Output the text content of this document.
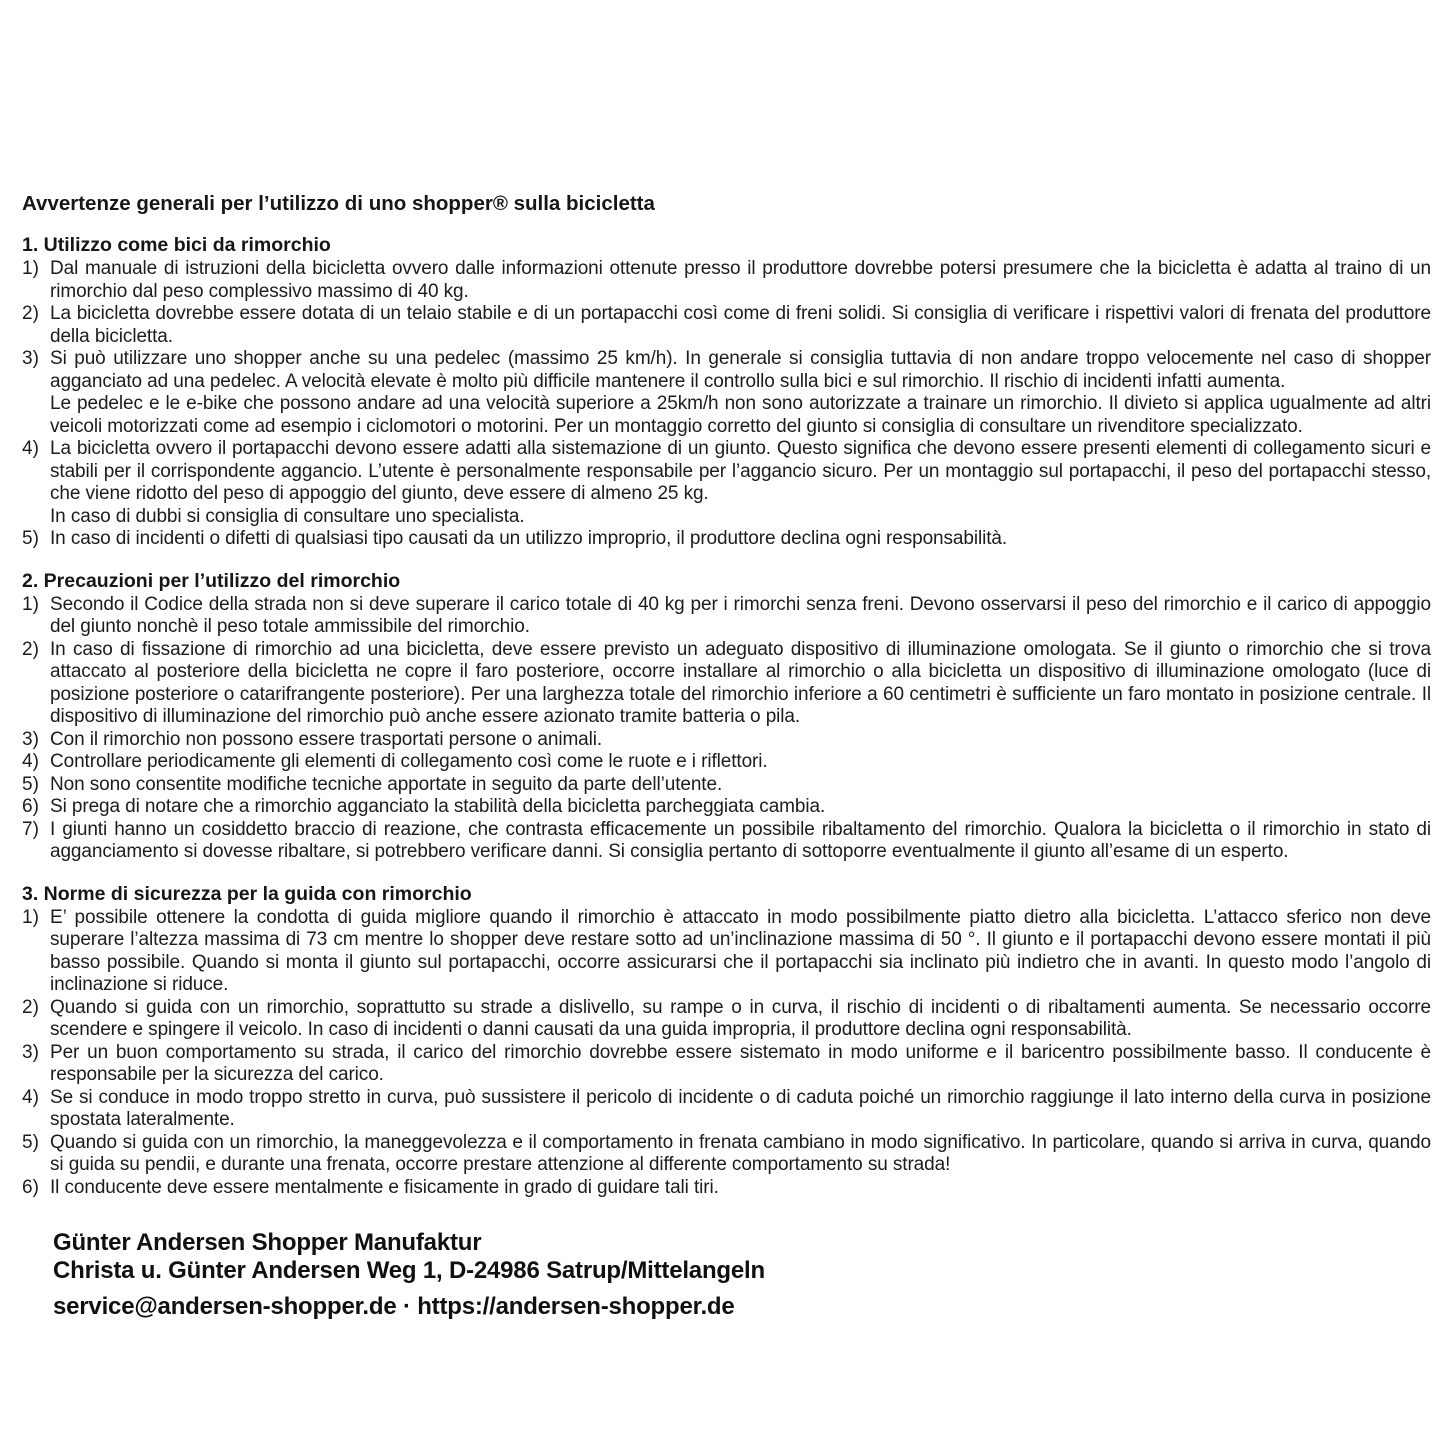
Avvertenze generali per l’utilizzo di uno shopper® sulla bicicletta
1. Utilizzo come bici da rimorchio
1) Dal manuale di istruzioni della bicicletta ovvero dalle informazioni ottenute presso il produttore dovrebbe potersi presumere che la bicicletta è adatta al traino di un rimorchio dal peso complessivo massimo di 40 kg.

2) La bicicletta dovrebbe essere dotata di un telaio stabile e di un portapacchi così come di freni solidi. Si consiglia di verificare i rispettivi valori di frenata del produttore della bicicletta.

3) Si può utilizzare uno shopper anche su una pedelec (massimo 25 km/h). In generale si consiglia tuttavia di non andare troppo velocemente nel caso di shopper agganciato ad una pedelec. A velocità elevate è molto più difficile mantenere il controllo sulla bici e sul rimorchio. Il rischio di incidenti infatti aumenta.

Le pedelec e le e-bike che possono andare ad una velocità superiore a 25km/h non sono autorizzate a trainare un rimorchio. Il divieto si applica ugualmente ad altri veicoli motorizzati come ad esempio i ciclomotori o motorini. Per un montaggio corretto del giunto si consiglia di consultare un rivenditore specializzato.

4) La bicicletta ovvero il portapacchi devono essere adatti alla sistemazione di un giunto. Questo significa che devono essere presenti elementi di collegamento sicuri e stabili per il corrispondente aggancio. L’utente è personalmente responsabile per l’aggancio sicuro. Per un montaggio sul portapacchi, il peso del portapacchi stesso, che viene ridotto del peso di appoggio del giunto, deve essere di almeno 25 kg.

In caso di dubbi si consiglia di consultare uno specialista.

5) In caso di incidenti o difetti di qualsiasi tipo causati da un utilizzo improprio, il produttore declina ogni responsabilità.

2. Precauzioni per l’utilizzo del rimorchio
1) Secondo il Codice della strada non si deve superare il carico totale di 40 kg per i rimorchi senza freni. Devono osservarsi il peso del rimorchio e il carico di appoggio del giunto nonchè il peso totale ammissibile del rimorchio.

2) In caso di fissazione di rimorchio ad una bicicletta, deve essere previsto un adeguato dispositivo di illuminazione omologata. Se il giunto o rimorchio che si trova attaccato al posteriore della bicicletta ne copre il faro posteriore, occorre installare al rimorchio o alla bicicletta un dispositivo di illuminazione omologato (luce di posizione posteriore o catarifrangente posteriore). Per una larghezza totale del rimorchio inferiore a 60 centimetri è sufficiente un faro montato in posizione centrale. Il dispositivo di illuminazione del rimorchio può anche essere azionato tramite batteria o pila.

3) Con il rimorchio non possono essere trasportati persone o animali.

4) Controllare periodicamente gli elementi di collegamento così come le ruote e i riflettori.

5) Non sono consentite modifiche tecniche apportate in seguito da parte dell’utente.

6) Si prega di notare che a rimorchio agganciato la stabilità della bicicletta parcheggiata cambia.

7) I giunti hanno un cosiddetto braccio di reazione, che contrasta efficacemente un possibile ribaltamento del rimorchio. Qualora la bicicletta o il rimorchio in stato di agganciamento si dovesse ribaltare, si potrebbero verificare danni. Si consiglia pertanto di sottoporre eventualmente il giunto all’esame di un esperto.

3. Norme di sicurezza per la guida con rimorchio
1) E’ possibile ottenere la condotta di guida migliore quando il rimorchio è attaccato in modo possibilmente piatto dietro alla bicicletta. L’attacco sferico non deve superare l’altezza massima di 73 cm mentre lo shopper deve restare sotto ad un’inclinazione massima di 50 °. Il giunto e il portapacchi devono essere montati il più basso possibile. Quando si monta il giunto sul portapacchi, occorre assicurarsi che il portapacchi sia inclinato più indietro che in avanti. In questo modo l’angolo di inclinazione si riduce.

2) Quando si guida con un rimorchio, soprattutto su strade a dislivello, su rampe o in curva, il rischio di incidenti o di ribaltamenti aumenta. Se necessario occorre scendere e spingere il veicolo. In caso di incidenti o danni causati da una guida impropria, il produttore declina ogni responsabilità.

3) Per un buon comportamento su strada, il carico del rimorchio dovrebbe essere sistemato in modo uniforme e il baricentro possibilmente basso. Il conducente è responsabile per la sicurezza del carico.

4) Se si conduce in modo troppo stretto in curva, può sussistere il pericolo di incidente o di caduta poiché un rimorchio raggiunge il lato interno della curva in posizione spostata lateralmente.

5) Quando si guida con un rimorchio, la maneggevolezza e il comportamento in frenata cambiano in modo significativo. In particolare, quando si arriva in curva, quando si guida su pendii, e durante una frenata, occorre prestare attenzione al differente comportamento su strada!

6) Il conducente deve essere mentalmente e fisicamente in grado di guidare tali tiri.

Günter Andersen Shopper Manufaktur

Christa u. Günter Andersen Weg 1, D-24986 Satrup/Mittelangeln

service@andersen-shopper.de · https://andersen-shopper.de
